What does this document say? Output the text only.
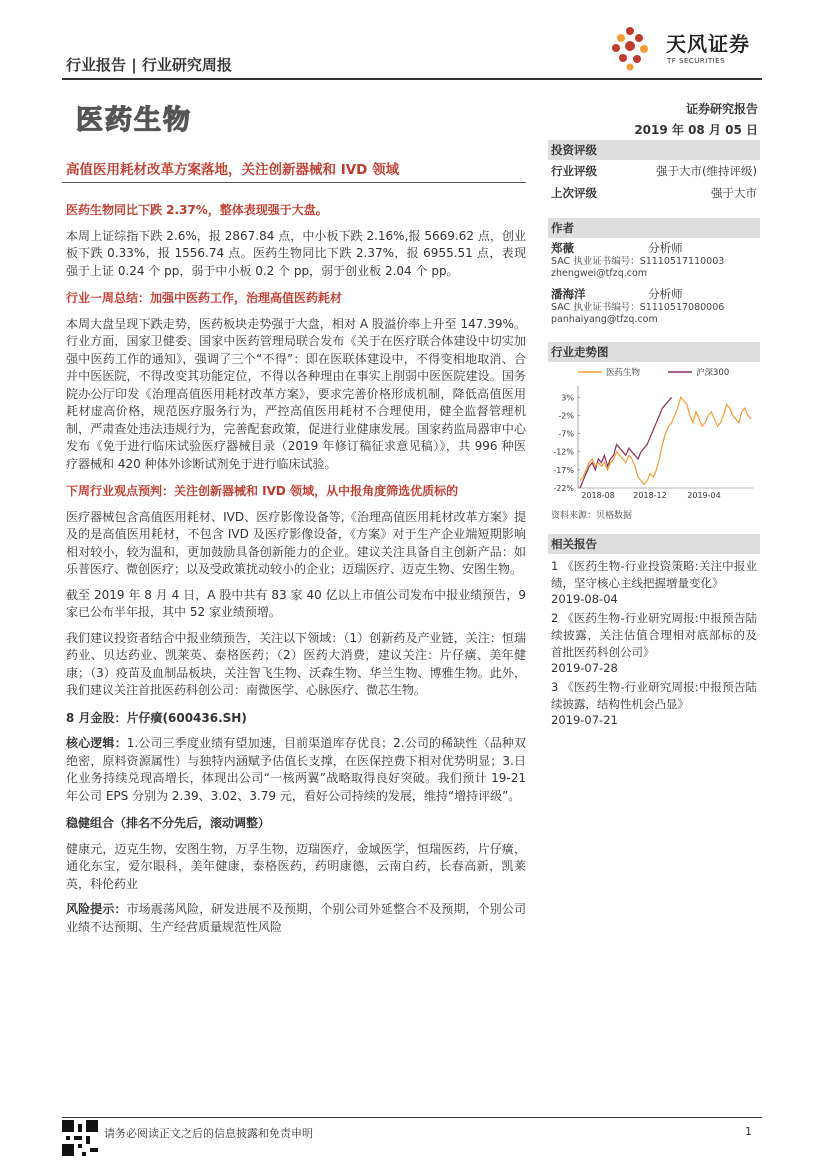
行业报告 | 行业研究周报
医药生物
天风证券
TF SECURITIES
证券研究报告
2019 年 08 月 05 日
高值医用耗材改革方案落地，关注创新器械和 IVD 领域
医药生物同比下跌 2.37%，整体表现强于大盘。
本周上证综指下跌 2.6%，报 2867.84 点，中小板下跌 2.16%,报 5669.62 点，创业板下跌 0.33%，报 1556.74 点。医药生物同比下跌 2.37%，报 6955.51 点，表现强于上证 0.24 个 pp，弱于中小板 0.2 个 pp，弱于创业板 2.04 个 pp。
行业一周总结：加强中医药工作，治理高值医药耗材
本周大盘呈现下跌走势，医药板块走势强于大盘，相对 A 股溢价率上升至 147.39%。行业方面，国家卫健委、国家中医药管理局联合发布《关于在医疗联合体建设中切实加强中医药工作的通知》，强调了三个“不得”：即在医联体建设中，不得变相地取消、合并中医医院，不得改变其功能定位，不得以各种理由在事实上削弱中医医院建设。国务院办公厅印发《治理高值医用耗材改革方案》，要求完善价格形成机制，降低高值医用耗材虚高价格，规范医疗服务行为，严控高值医用耗材不合理使用，健全监督管理机制，严肃查处违法违规行为，完善配套政策，促进行业健康发展。国家药监局器审中心发布《免于进行临床试验医疗器械目录（2019 年修订稿征求意见稿）》，共 996 种医疗器械和 420 种体外诊断试剂免于进行临床试验。
下周行业观点预判：关注创新器械和 IVD 领域，从中报角度筛选优质标的
医疗器械包含高值医用耗材、IVD、医疗影像设备等,《治理高值医用耗材改革方案》提及的是高值医用耗材，不包含 IVD 及医疗影像设备，《方案》对于生产企业端短期影响相对较小，较为温和，更加鼓励具备创新能力的企业。建议关注具备自主创新产品：如乐普医疗、微创医疗；以及受政策扰动较小的企业；迈瑞医疗、迈克生物、安图生物。
截至 2019 年 8 月 4 日，A 股中共有 83 家 40 亿以上市值公司发布中报业绩预告，9 家已公布半年报，其中 52 家业绩预增。
我们建议投资者结合中报业绩预告，关注以下领域：（1）创新药及产业链，关注：恒瑞药业、贝达药业、凯莱英、泰格医药；（2）医药大消费，建议关注：片仔癀、美年健康；（3）疫苗及血制品板块，关注智飞生物、沃森生物、华兰生物、博雅生物。此外，我们建议关注首批医药科创公司：南微医学、心脉医疗、微芯生物。
8 月金股：片仔癀(600436.SH)
核心逻辑：1.公司三季度业绩有望加速，目前渠道库存优良；2.公司的稀缺性（品种双绝密，原料资源属性）与独特内涵赋予估值长支撑，在医保控费下相对优势明显；3.日化业务持续兑现高增长，体现出公司“一核两翼”战略取得良好突破。我们预计 19-21 年公司 EPS 分别为 2.39、3.02、3.79 元，看好公司持续的发展，维持“增持评级”。
稳健组合（排名不分先后，滚动调整）
健康元，迈克生物，安图生物，万孚生物，迈瑞医疗，金域医学，恒瑞医药，片仔癀，通化东宝，爱尔眼科，美年健康，泰格医药，药明康德，云南白药，长春高新，凯莱英，科伦药业
风险提示：市场震荡风险，研发进展不及预期，个别公司外延整合不及预期，个别公司业绩不达预期、生产经营质量规范性风险
投资评级
行业评级	强于大市(维持评级)
上次评级	强于大市
作者
郑薇	分析师
SAC 执业证书编号：S1110517110003
zhengwei@tfzq.com
潘海洋	分析师
SAC 执业证书编号：S1110517080006
panhaiyang@tfzq.com
行业走势图
医药生物	沪深300
3%
-2%
-7%
-12%
-17%
-22%
2018-08 2018-12	2019-04
资料来源：贝格数据
相关报告
1 《医药生物-行业投资策略:关注中报业绩，坚守核心主线把握增量变化》
2019-08-04
2 《医药生物-行业研究周报:中报预告陆续披露，关注估值合理相对底部标的及首批医药科创公司》
2019-07-28
3 《医药生物-行业研究周报:中报预告陆续披露，结构性机会凸显》
2019-07-21
请务必阅读正文之后的信息披露和免责申明	1
